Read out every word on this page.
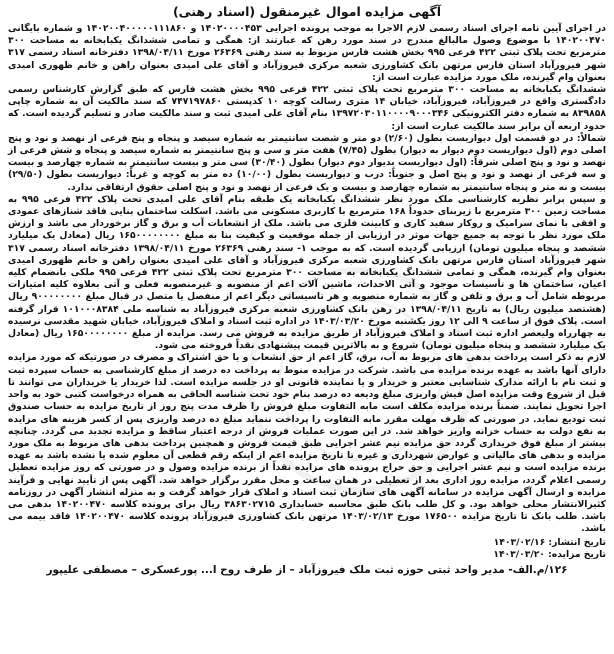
آگهی مزایده اموال غیرمنقول (اسناد رهنی)

در اجرای آیین نامه اجرای اسناد رسمی لازم الاجرا به موجب پرونده اجرایی ۱۴۰۲۰۰۰۰۴۵۳ و ۱۴۰۲۰۰۴۰۰۰۰۰۱۱۱۸۶۰ و شماره بایگانی ۱۴۰۲۰۰۴۷۰ با موضوع وصول مالبالغ مندرج در سند مورد رهن که عبارتند از: همگی و تمامی ششدانگ یکبابخانه به مساحت ۳۰۰ مترمربع تحت پلاک ثبتی ۴۲۲ فرعی ۹۹۵ بخش هشت فارس مربوط به سند رهنی ۲۶۳۶۹ مورخ ۱۳۹۸/۰۴/۱۱ دفترخانه اسناد رسمی ۳۱۷ شهر فیروزآباد استان فارس مرتهن بانک کشاورزی شعبه مرکزی فیروزآباد و آقای علی امیدی بعنوان راهن و خانم ظهوری امیدی بعنوان وام گیرنده، ملک مورد مزایده عبارت است از:

ششدانگ یکبابخانه به مساحت ۳۰۰ مترمربع تحت پلاک ثبتی ۴۲۲ فرعی ۹۹۵ بخش هشت فارس که طبق گزارش کارشناس رسمی دادگستری واقع در فیروزآباد، فیروزآباد، خیابان ۱۴ متری رسالت کوچه ۱۰ کدپستی ۷۴۷۱۹۷۸۶۰ که سند مالکیت آن به شماره چاپی ۸۳۹۸۵۸ به شماره دفتر الکترونیکی ۱۳۹۷۲۰۳۰۱۱۰۰۰۰۹۰۰۰۳۴۶ بنام آقای علی امیدی ثبت و سند مالکیت صادر و تسلیم گردیده است. که حدود اربعه آن برابر سند مالکیت عبارت است از:

شمالاً: در دو قسمت اول دیواریست بطول (۲/۶۰) دو متر و شصت سانتیمتر به شماره سیصد و پنجاه و پنج فرعی از نهصد و نود و پنج اصلی دوم (اول دیواریست دوم دیوار به دیوار) بطول (۷/۴۵) هفت متر و سی و پنج سانتیمتر به شماره سیصد و پنجاه و شش فرعی از نهصد و نود و پنج اصلی شرقاً: (اول دیواریست بدیوار دوم دیوار) بطول (۳۰/۴۰) سی متر و بیست سانتیمتر به شماره چهارصد و بیست و سه فرعی از نهصد و نود و پنج اصل و جنوباً: درب و دیواریست بطول (۱۰/۰۰) ده متر به کوچه و غرباً: دیواریست بطول (۲۹/۵۰) بیست و نه متر و پنجاه سانتیمتر به شماره چهارصد و بیست و یک فرعی از نهصد و نود و پنج اصلی حقوق ارتفاقی ندارد.

و سپس برابر نظریه کارشناسی ملک مورد نظر ششدانگ یکبابخانه یک طبقه بنام آقای علی امیدی تحت پلاک ۴۲۲ فرعی ۹۹۵ به مساحت زمین ۳۰۰ مترمربع با زیربنای حدوداً ۱۶۸ مترمربع با کاربری مسکونی می باشد. اسکلت ساختمان بنایی فاقد شنازهای عمودی و افقی با نمای سرامیک و روکار سفید کاری و کابینت فلزی می باشد. ملک از انشعابات آب و برق و گاز برخوردار می باشد و ارزش ملک مورد نظر با توجه به جمیع جهات موثر در ارزیابی از جمله موقعیت و کیفیت بنا به مبلغ ۱۶۵۰۰۰۰۰۰۰۰ ریال (معادل یک میلیارد ششصد و پنجاه میلیون تومان) ارزیابی گردیده است. که به موجب ۱- سند رهنی ۲۶۳۶۹ مورخ ۱۳۹۸/۰۴/۱۱ دفترخانه اسناد رسمی ۳۱۷ شهر فیروزآباد استان فارس مرتهن بانک کشاورزی شعبه مرکزی فیروزآباد و آقای علی امیدی بعنوان راهن و خانم ظهوری امیدی بعنوان وام گیرنده، همگی و تمامی ششدانگ یکبابخانه به مساحت ۳۰۰ مترمربع تحت پلاک ثبتی ۴۲۲ فرعی ۹۹۵ ملکی بانضمام کلیه اعیان، ساختمان ها و تأسیسات موجود و آتی الاحداث، ماشین آلات اعم از منصوبه و غیرمنصوبه فعلی و آتی بعلاوه کلیه امتیازات مربوطه شامل آب و برق و تلفن و گاز به شماره منصوبه و هر تاسیساتی دیگر اعم از منفصل یا متصل در قبال مبلغ ۹۰۰۰۰۰۰۰۰ ریال (هشتصد میلیون ریال) به تاریخ ۱۳۹۸/۰۴/۱۱ در رهن بانک کشاورزی شعبه مرکزی فیروزآباد به شناسه ملی ۱۰۱۰۰۰۸۳۸۴ قرار گرفته است. پلاک فوق از ساعت ۹ الی ۱۲ روز یکشنبه مورخ ۱۴۰۳/۰۳/۲۰ در اداره ثبت اسناد و املاک فیروزآباد، خیابان شهید مقدسی نرسیده به چهارراه ولیعصر اداره ثبت اسناد و املاک فیروزآباد از طریق مزایده به فروش می رسد. مزایده از مبلغ ۱۶۵۰۰۰۰۰۰۰۰ ریال (معادل یک میلیارد ششصد و پنجاه میلیون تومان) شروع و به بالاترین قیمت پیشنهادی نقداً فروخته می شود.

لازم به ذکر است پرداخت بدهی های مربوط به آب، برق، گاز اعم از حق انشعاب و یا حق اشتراک و مصرف در صورتیکه که مورد مزایده دارای آنها باشد به عهده برنده مزایده می باشد. شرکت در مزایده منوط به پرداخت ده درصد از مبلغ کارشناسی به حساب سپرده ثبت و ثبت نام با ارائه مدارک شناسایی معتبر و خریدار و یا نماینده قانونی او در جلسه مزایده است. لذا خریدار یا خریداران می توانند تا قبل از شروع وقت مزایده اصل فیش واریزی مبلغ ودیعه ده درصد بنام خود تحت شناسه الحاقی به همراه درخواست کتبی خود به واحد اجرا تحویل نمایند. ضمناً برنده مزایده مکلف است مابه التفاوت مبلغ فروش را ظرف مدت پنج روز از تاریخ مزایده به حساب صندوق ثبت تودیع نماید. در صورتی که ظرف مهلت مقرر مابه التفاوت را پرداخت ننماید مبلغ ده درصد واریزی پس از کسر هزینه های مزایده به نفع دولت به حساب خزانه واریز خواهد شد. در این صورت عملیات فروش از درجه اعتبار ساقط و مزایده تجدید می گردد. چنانچه بیشتر از مبلغ فوق خریداری گردد حق مزایده نیم عشر اجرایی طبق قیمت فروش و همچنین پرداخت بدهی های مربوط به ملک مورد مزایده و بدهی های مالیاتی و عوارض شهرداری و غیره تا تاریخ مزایده اعم از اینکه رقم قطعی آن معلوم شده یا نشده باشد به عهده برنده مزایده است و نیم عشر اجرایی و حق حراج پرونده های مزایده نقداً از برنده مزایده وصول و در صورتی که روز مزایده تعطیل رسمی اعلام گردد، مزایده روز اداری بعد از تعطیلی در همان ساعت و محل مقرر برگزار خواهد شد. آگهی پس از تأیید نهایی و فرآیند مزایده و ارسال آگهی مزایده در سامانه آگهی های سازمان ثبت اسناد و املاک قرار خواهد گرفت و به منزله انتشار آگهی در روزنامه کثیرالانتشار محلی خواهد بود. و کل طلب بانک طبق محاسبه حسابداری ۳۸۶۳۰۲۷۱۵ ریال برای پرونده کلاسه ۱۴۰۲۰۰۴۷۰ بدهی می باشد. طلب بانک تا تاریخ مزایده ۱۷۶۵۰۰ مورخ ۱۴۰۳/۰۲/۱۳ مرتهن بانک کشاورزی فیروزآباد پرونده کلاسه ۱۴۰۲۰۰۴۷۰ فاقد بیمه می باشد.

تاریخ انتشار: ۱۴۰۳/۰۲/۱۶
تاریخ مزایده: ۱۴۰۳/۰۳/۲۰
۱۲۶/م.الف- مدیر واحد ثبتی حوزه ثبت ملک فیروزآباد – از طرف روح ا... پورعسکری – مصطفی علیپور
